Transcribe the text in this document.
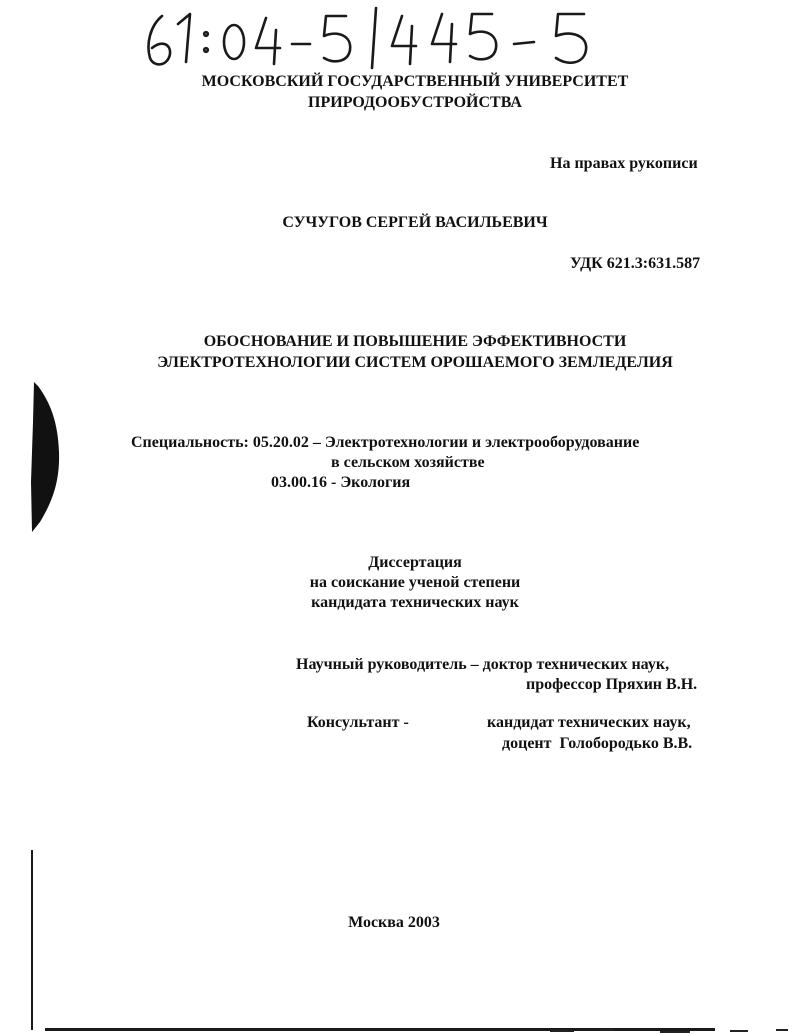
МОСКОВСКИЙ ГОСУДАРСТВЕННЫЙ УНИВЕРСИТЕТ
ПРИРОДООБУСТРОЙСТВА
На правах рукописи
СУЧУГОВ СЕРГЕЙ ВАСИЛЬЕВИЧ
УДК 621.3:631.587
ОБОСНОВАНИЕ И ПОВЫШЕНИЕ ЭФФЕКТИВНОСТИ
ЭЛЕКТРОТЕХНОЛОГИИ СИСТЕМ ОРОШАЕМОГО ЗЕМЛЕДЕЛИЯ
Специальность: 05.20.02 – Электротехнологии и электрооборудование
в сельском хозяйстве
03.00.16 - Экология
Диссертация
на соискание ученой степени
кандидата технических наук
Научный руководитель – доктор технических наук,
профессор Пряхин В.Н.
Консультант -	кандидат технических наук,
доцент  Голобородько В.В.
Москва 2003
